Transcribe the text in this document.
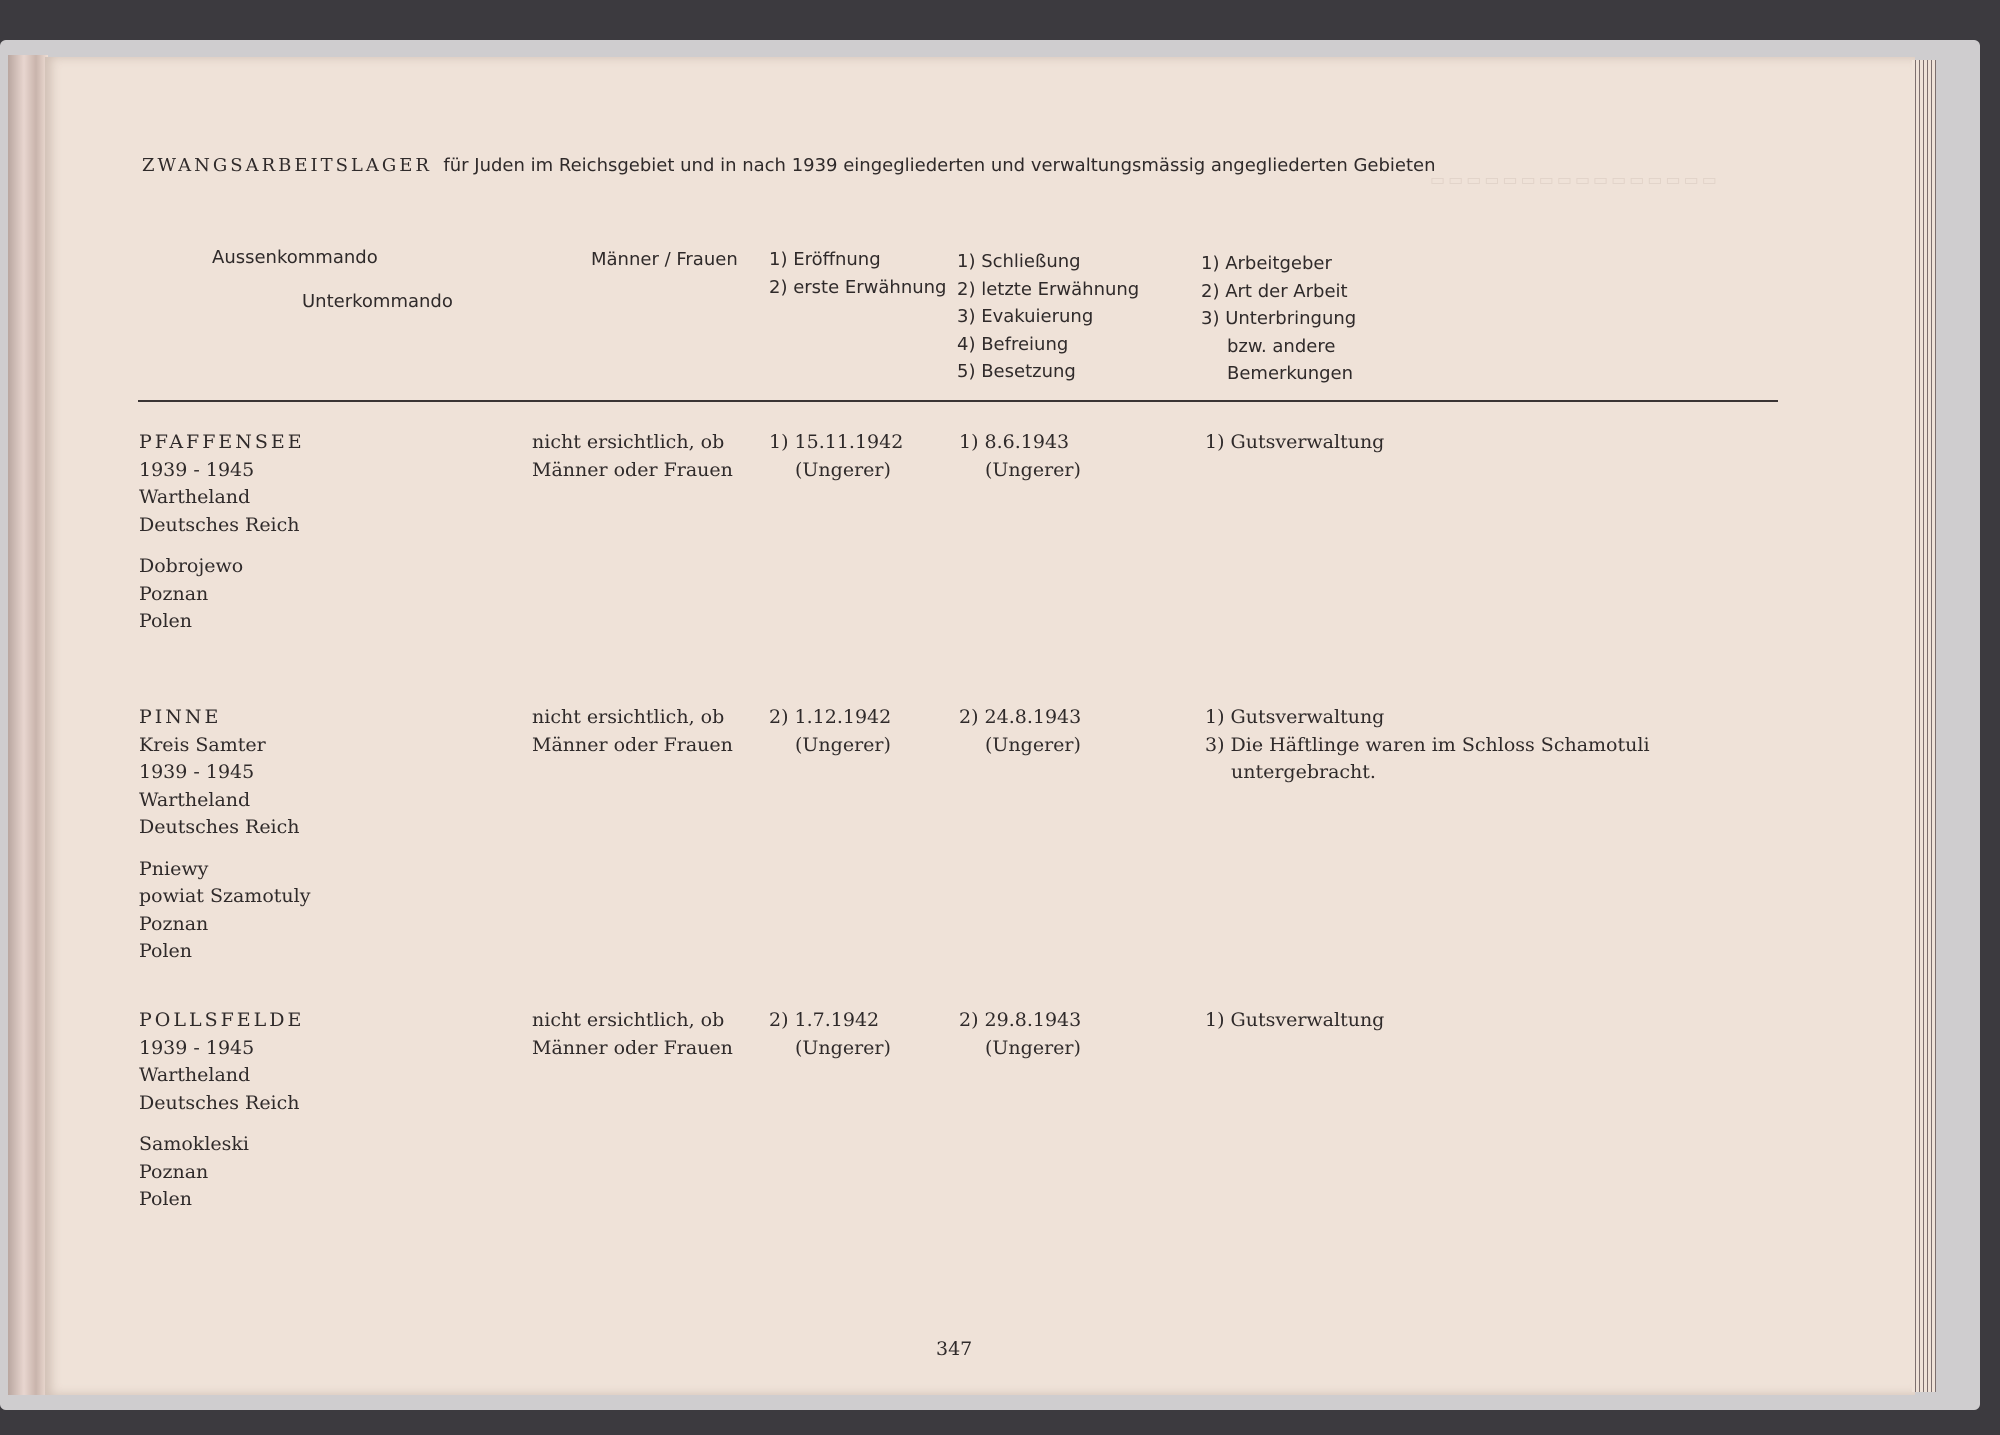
▭▭▭▭▭▭▭▭▭▭▭▭▭▭▭▭
ZWANGSARBEITSLAGER für Juden im Reichsgebiet und in nach 1939 eingegliederten und verwaltungsmässig angegliederten Gebieten
Aussenkommando
Unterkommando
Männer / Frauen 1) Eröffnung
2) erste Erwähnung
1) Schließung
2) letzte Erwähnung
3) Evakuierung
4) Befreiung
5) Besetzung
1) Arbeitgeber
2) Art der Arbeit
3) Unterbringung
bzw. andere
Bemerkungen
PFAFFENSEE
1939 - 1945
Wartheland
Deutsches Reich
Dobrojewo
Poznan
Polen
nicht ersichtlich, ob
Männer oder Frauen
1) 15.11.1942
(Ungerer)
1) 8.6.1943
(Ungerer)
1) Gutsverwaltung
PINNE
Kreis Samter
1939 - 1945
Wartheland
Deutsches Reich
Pniewy
powiat Szamotuly
Poznan
Polen
nicht ersichtlich, ob
Männer oder Frauen
2) 1.12.1942
(Ungerer)
2) 24.8.1943
(Ungerer)
1) Gutsverwaltung
3) Die Häftlinge waren im Schloss Schamotuli
untergebracht.
POLLSFELDE
1939 - 1945
Wartheland
Deutsches Reich
Samokleski
Poznan
Polen
nicht ersichtlich, ob
Männer oder Frauen
2) 1.7.1942
(Ungerer)
2) 29.8.1943
(Ungerer)
1) Gutsverwaltung
347
